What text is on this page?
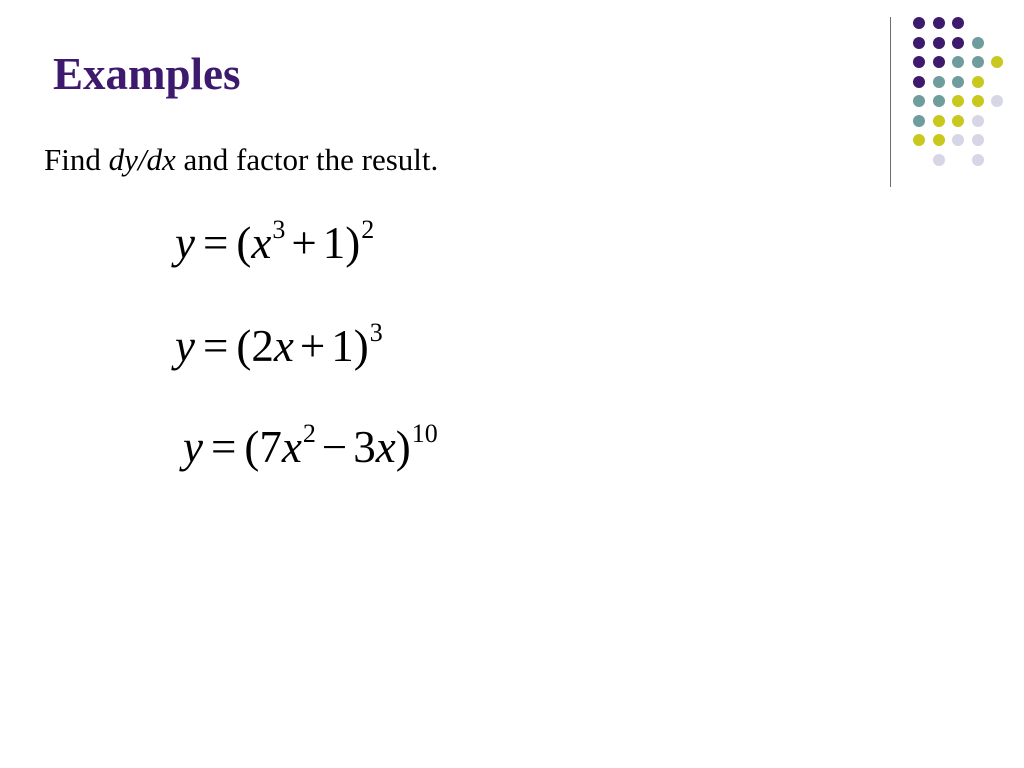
Examples
Find dy/dx and factor the result.
$y = (x^3 + 1)^2$
$y = (2x + 1)^3$
$y = (7x^2 - 3x)^{10}$
